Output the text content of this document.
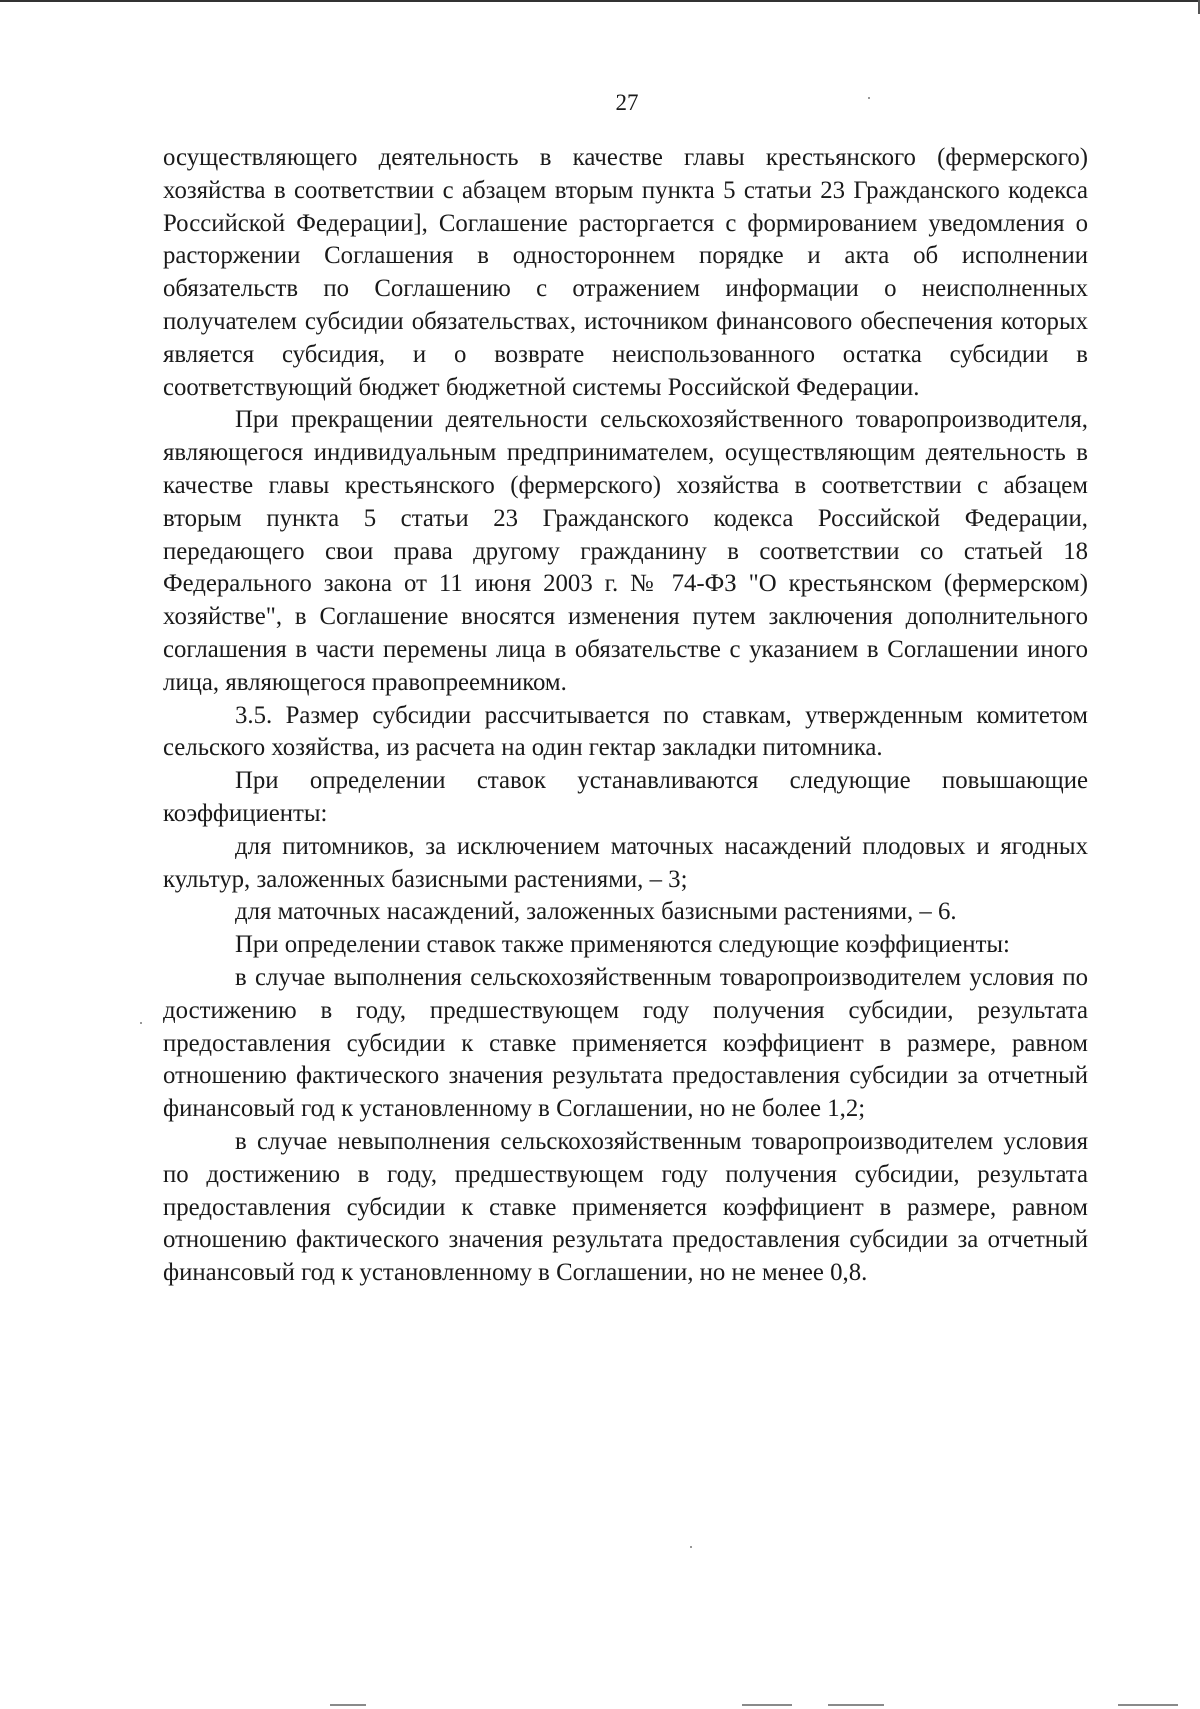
27

осуществляющего деятельность в качестве главы крестьянского (фермерского) хозяйства в соответствии с абзацем вторым пункта 5 статьи 23 Гражданского кодекса Российской Федерации], Соглашение расторгается с формированием уведомления о расторжении Соглашения в одностороннем порядке и акта об исполнении обязательств по Соглашению с отражением информации о неисполненных получателем субсидии обязательствах, источником финансового обеспечения которых является субсидия, и о возврате неиспользованного остатка субсидии в соответствующий бюджет бюджетной системы Российской Федерации.

При прекращении деятельности сельскохозяйственного товаропроизводителя, являющегося индивидуальным предпринимателем, осуществляющим деятельность в качестве главы крестьянского (фермерского) хозяйства в соответствии с абзацем вторым пункта 5 статьи 23 Гражданского кодекса Российской Федерации, передающего свои права другому гражданину в соответствии со статьей 18 Федерального закона от 11 июня 2003 г. № 74-ФЗ "О крестьянском (фермерском) хозяйстве", в Соглашение вносятся изменения путем заключения дополнительного соглашения в части перемены лица в обязательстве с указанием в Соглашении иного лица, являющегося правопреемником.

3.5. Размер субсидии рассчитывается по ставкам, утвержденным комитетом сельского хозяйства, из расчета на один гектар закладки питомника.

При определении ставок устанавливаются следующие повышающие коэффициенты:

для питомников, за исключением маточных насаждений плодовых и ягодных культур, заложенных базисными растениями, – 3;

для маточных насаждений, заложенных базисными растениями, – 6.

При определении ставок также применяются следующие коэффициенты:

в случае выполнения сельскохозяйственным товаропроизводителем условия по достижению в году, предшествующем году получения субсидии, результата предоставления субсидии к ставке применяется коэффициент в размере, равном отношению фактического значения результата предоставления субсидии за отчетный финансовый год к установленному в Соглашении, но не более 1,2;

в случае невыполнения сельскохозяйственным товаропроизводителем условия по достижению в году, предшествующем году получения субсидии, результата предоставления субсидии к ставке применяется коэффициент в размере, равном отношению фактического значения результата предоставления субсидии за отчетный финансовый год к установленному в Соглашении, но не менее 0,8.
